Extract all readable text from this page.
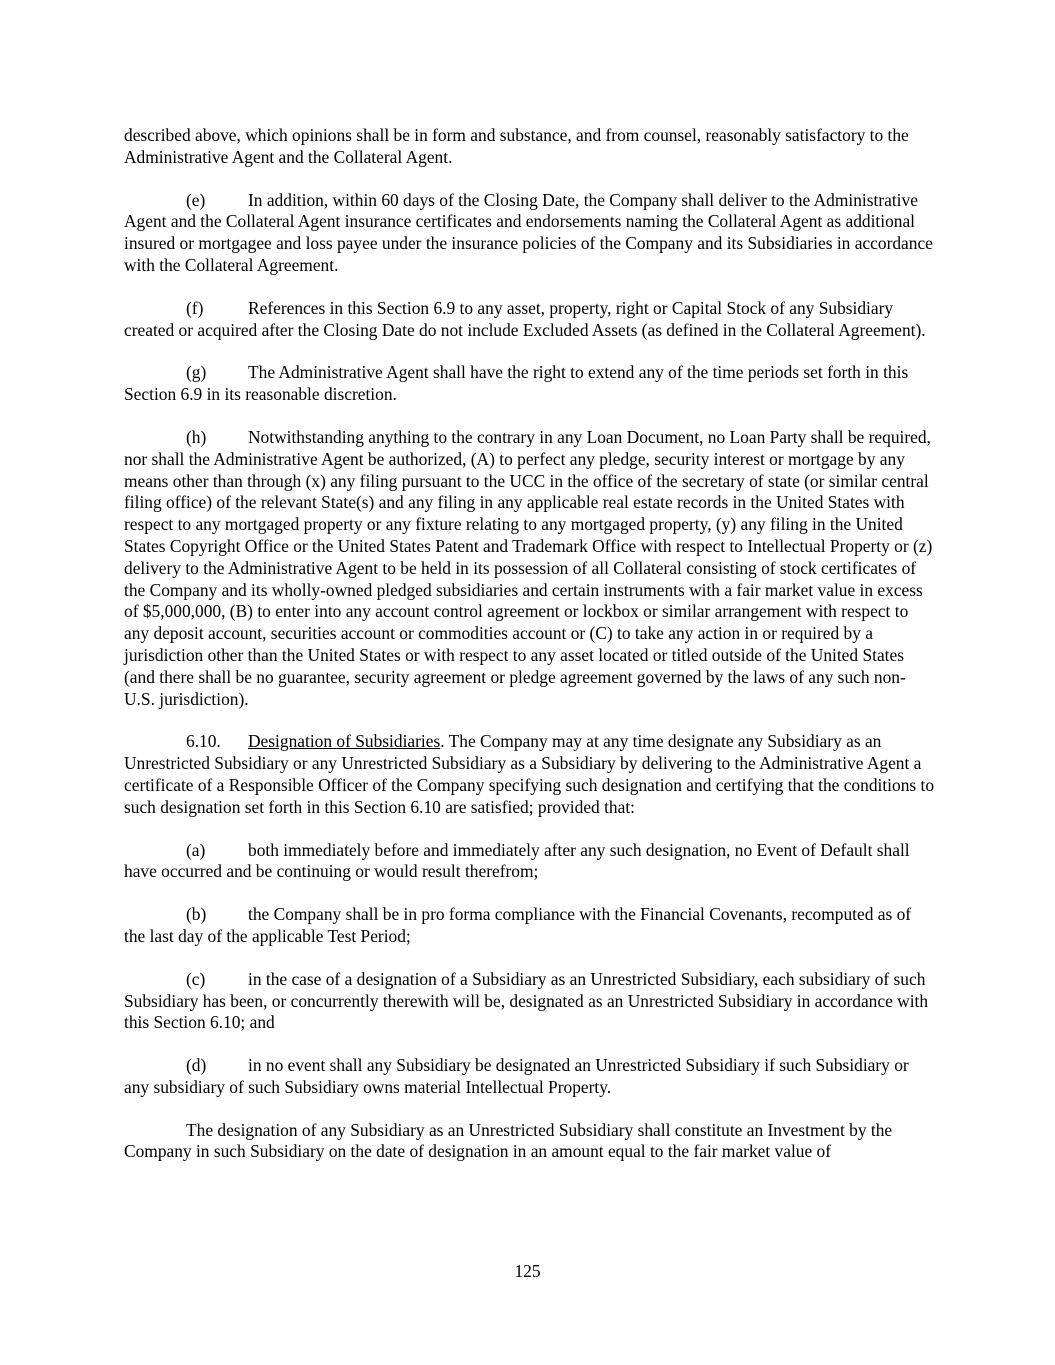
described above, which opinions shall be in form and substance, and from counsel, reasonably satisfactory to the Administrative Agent and the Collateral Agent.

(e) In addition, within 60 days of the Closing Date, the Company shall deliver to the Administrative Agent and the Collateral Agent insurance certificates and endorsements naming the Collateral Agent as additional insured or mortgagee and loss payee under the insurance policies of the Company and its Subsidiaries in accordance with the Collateral Agreement.

(f)	References in this Section 6.9 to any asset, property, right or Capital Stock of any Subsidiary created or acquired after the Closing Date do not include Excluded Assets (as defined in the Collateral Agreement).

(g) The Administrative Agent shall have the right to extend any of the time periods set forth in this Section 6.9 in its reasonable discretion.

(h) Notwithstanding anything to the contrary in any Loan Document, no Loan Party shall be required, nor shall the Administrative Agent be authorized, (A) to perfect any pledge, security interest or mortgage by any means other than through (x) any filing pursuant to the UCC in the office of the secretary of state (or similar central filing office) of the relevant State(s) and any filing in any applicable real estate records in the United States with respect to any mortgaged property or any fixture relating to any mortgaged property, (y) any filing in the United States Copyright Office or the United States Patent and Trademark Office with respect to Intellectual Property or (z) delivery to the Administrative Agent to be held in its possession of all Collateral consisting of stock certificates of the Company and its wholly-owned pledged subsidiaries and certain instruments with a fair market value in excess of $5,000,000, (B) to enter into any account control agreement or lockbox or similar arrangement with respect to any deposit account, securities account or commodities account or (C) to take any action in or required by a jurisdiction other than the United States or with respect to any asset located or titled outside of the United States (and there shall be no guarantee, security agreement or pledge agreement governed by the laws of any such non-U.S. jurisdiction).

6.10. Designation of Subsidiaries. The Company may at any time designate any Subsidiary as an Unrestricted Subsidiary or any Unrestricted Subsidiary as a Subsidiary by delivering to the Administrative Agent a certificate of a Responsible Officer of the Company specifying such designation and certifying that the conditions to such designation set forth in this Section 6.10 are satisfied; provided that:

(a) both immediately before and immediately after any such designation, no Event of Default shall have occurred and be continuing or would result therefrom;

(b) the Company shall be in pro forma compliance with the Financial Covenants, recomputed as of the last day of the applicable Test Period;

(c) in the case of a designation of a Subsidiary as an Unrestricted Subsidiary, each subsidiary of such Subsidiary has been, or concurrently therewith will be, designated as an Unrestricted Subsidiary in accordance with this Section 6.10; and

(d) in no event shall any Subsidiary be designated an Unrestricted Subsidiary if such Subsidiary or any subsidiary of such Subsidiary owns material Intellectual Property.

The designation of any Subsidiary as an Unrestricted Subsidiary shall constitute an Investment by the Company in such Subsidiary on the date of designation in an amount equal to the fair market value of

125
